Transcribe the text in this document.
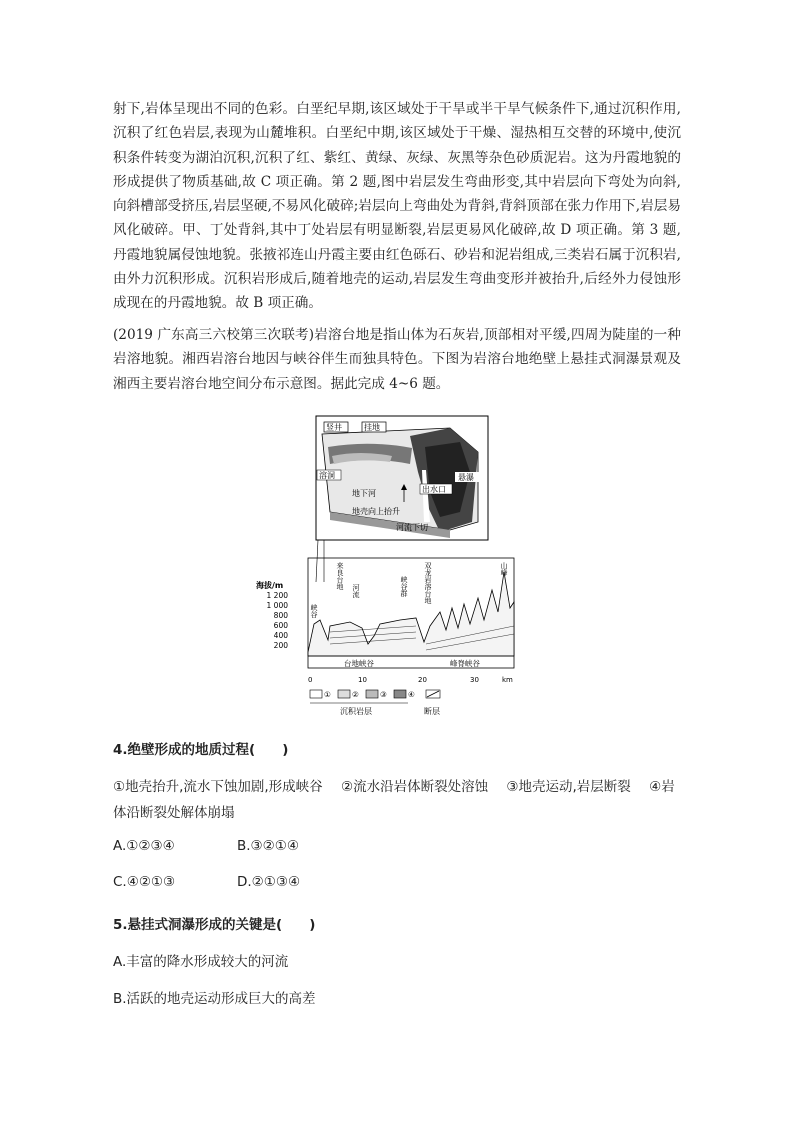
射下,岩体呈现出不同的色彩。白垩纪早期,该区域处于干旱或半干旱气候条件下,通过沉积作用,沉积了红色岩层,表现为山麓堆积。白垩纪中期,该区域处于干燥、湿热相互交替的环境中,使沉积条件转变为湖泊沉积,沉积了红、紫红、黄绿、灰绿、灰黑等杂色砂质泥岩。这为丹霞地貌的形成提供了物质基础,故 C 项正确。第 2 题,图中岩层发生弯曲形变,其中岩层向下弯处为向斜,向斜槽部受挤压,岩层坚硬,不易风化破碎;岩层向上弯曲处为背斜,背斜顶部在张力作用下,岩层易风化破碎。甲、丁处背斜,其中丁处岩层有明显断裂,岩层更易风化破碎,故 D 项正确。第 3 题,丹霞地貌属侵蚀地貌。张掖祁连山丹霞主要由红色砾石、砂岩和泥岩组成,三类岩石属于沉积岩,由外力沉积形成。沉积岩形成后,随着地壳的运动,岩层发生弯曲变形并被抬升,后经外力侵蚀形成现在的丹霞地貌。故 B 项正确。

(2019 广东高三六校第三次联考)岩溶台地是指山体为石灰岩,顶部相对平缓,四周为陡崖的一种岩溶地貌。湘西岩溶台地因与峡谷伴生而独具特色。下图为岩溶台地绝壁上悬挂式洞瀑景观及湘西主要岩溶台地空间分布示意图。据此完成 4~6 题。

竖井	挂地
溶洞
地下河
悬瀑
出水口
地壳向上抬升
河流下切
海拔/m
1 200
1 000
800
600
400
200
峡谷
来良台地
河流	峡谷群 双龙岩溶台地	山峰
台地峡谷	峰脊峡谷
0	10	20	30	km
①	②	③	④
沉积岩层	断层

4.绝壁形成的地质过程(　　)

①地壳抬升,流水下蚀加剧,形成峡谷 ②流水沿岩体断裂处溶蚀 ③地壳运动,岩层断裂 ④岩体沿断裂处解体崩塌

A.①②③④	B.③②①④

C.④②①③	D.②①③④

5.悬挂式洞瀑形成的关键是(　　)

A.丰富的降水形成较大的河流

B.活跃的地壳运动形成巨大的高差
